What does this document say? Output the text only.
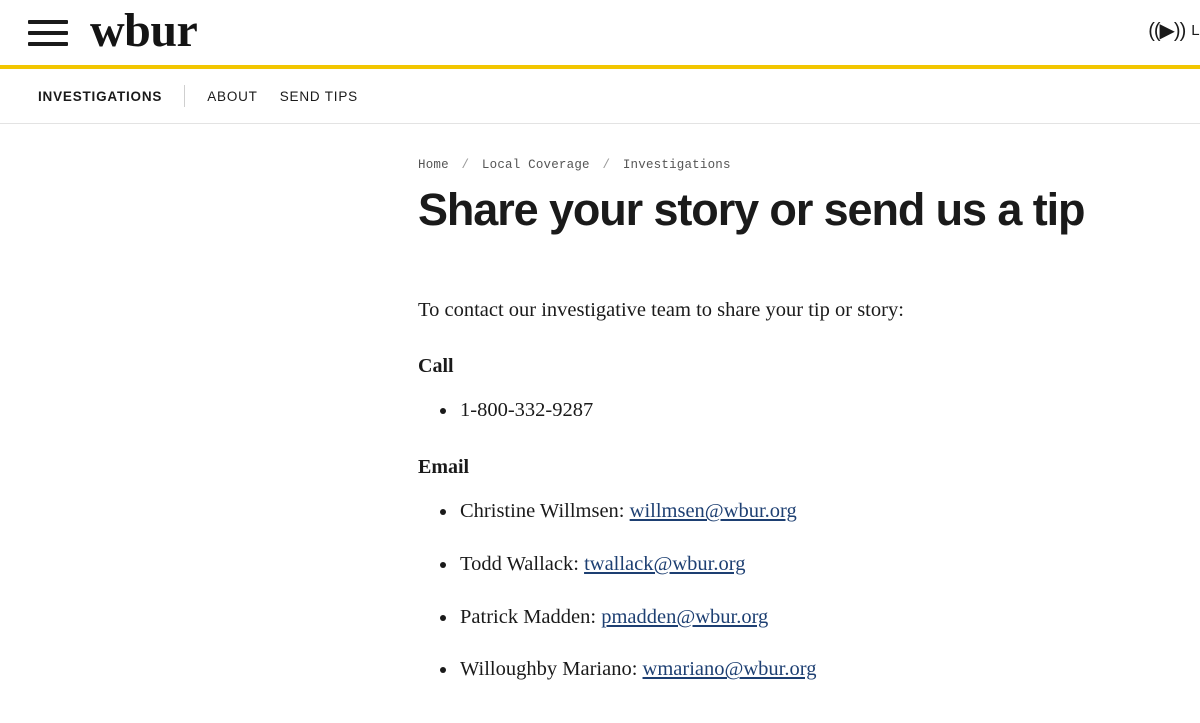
wbur	((▶)) L
INVESTIGATIONS	ABOUT SEND TIPS
Home / Local Coverage / Investigations
Share your story or send us a tip

To contact our investigative team to share your tip or story:

Call
• 1-800-332-9287
Email
• Christine Willmsen: willmsen@wbur.org
• Todd Wallack: twallack@wbur.org
• Patrick Madden: pmadden@wbur.org
• Willoughby Mariano: wmariano@wbur.org
